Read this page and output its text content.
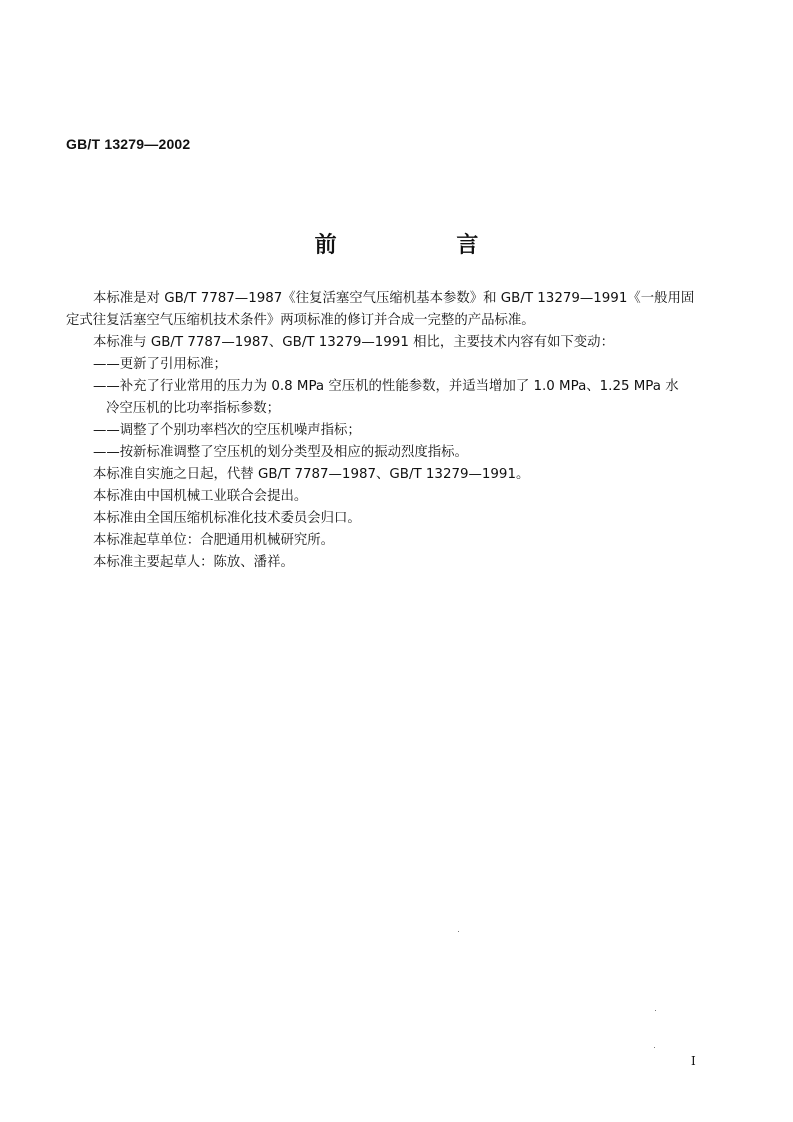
GB/T 13279—2002
前 言

本标准是对 GB/T 7787—1987《往复活塞空气压缩机基本参数》和 GB/T 13279—1991《一般用固

定式往复活塞空气压缩机技术条件》两项标准的修订并合成一完整的产品标准。

本标准与 GB/T 7787—1987、GB/T 13279—1991 相比，主要技术内容有如下变动：

——更新了引用标准；

——补充了行业常用的压力为 0.8 MPa 空压机的性能参数，并适当增加了 1.0 MPa、1.25 MPa 水

冷空压机的比功率指标参数；

——调整了个别功率档次的空压机噪声指标；

——按新标准调整了空压机的划分类型及相应的振动烈度指标。

本标准自实施之日起，代替 GB/T 7787—1987、GB/T 13279—1991。

本标准由中国机械工业联合会提出。

本标准由全国压缩机标准化技术委员会归口。

本标准起草单位：合肥通用机械研究所。

本标准主要起草人：陈放、潘祥。

I
